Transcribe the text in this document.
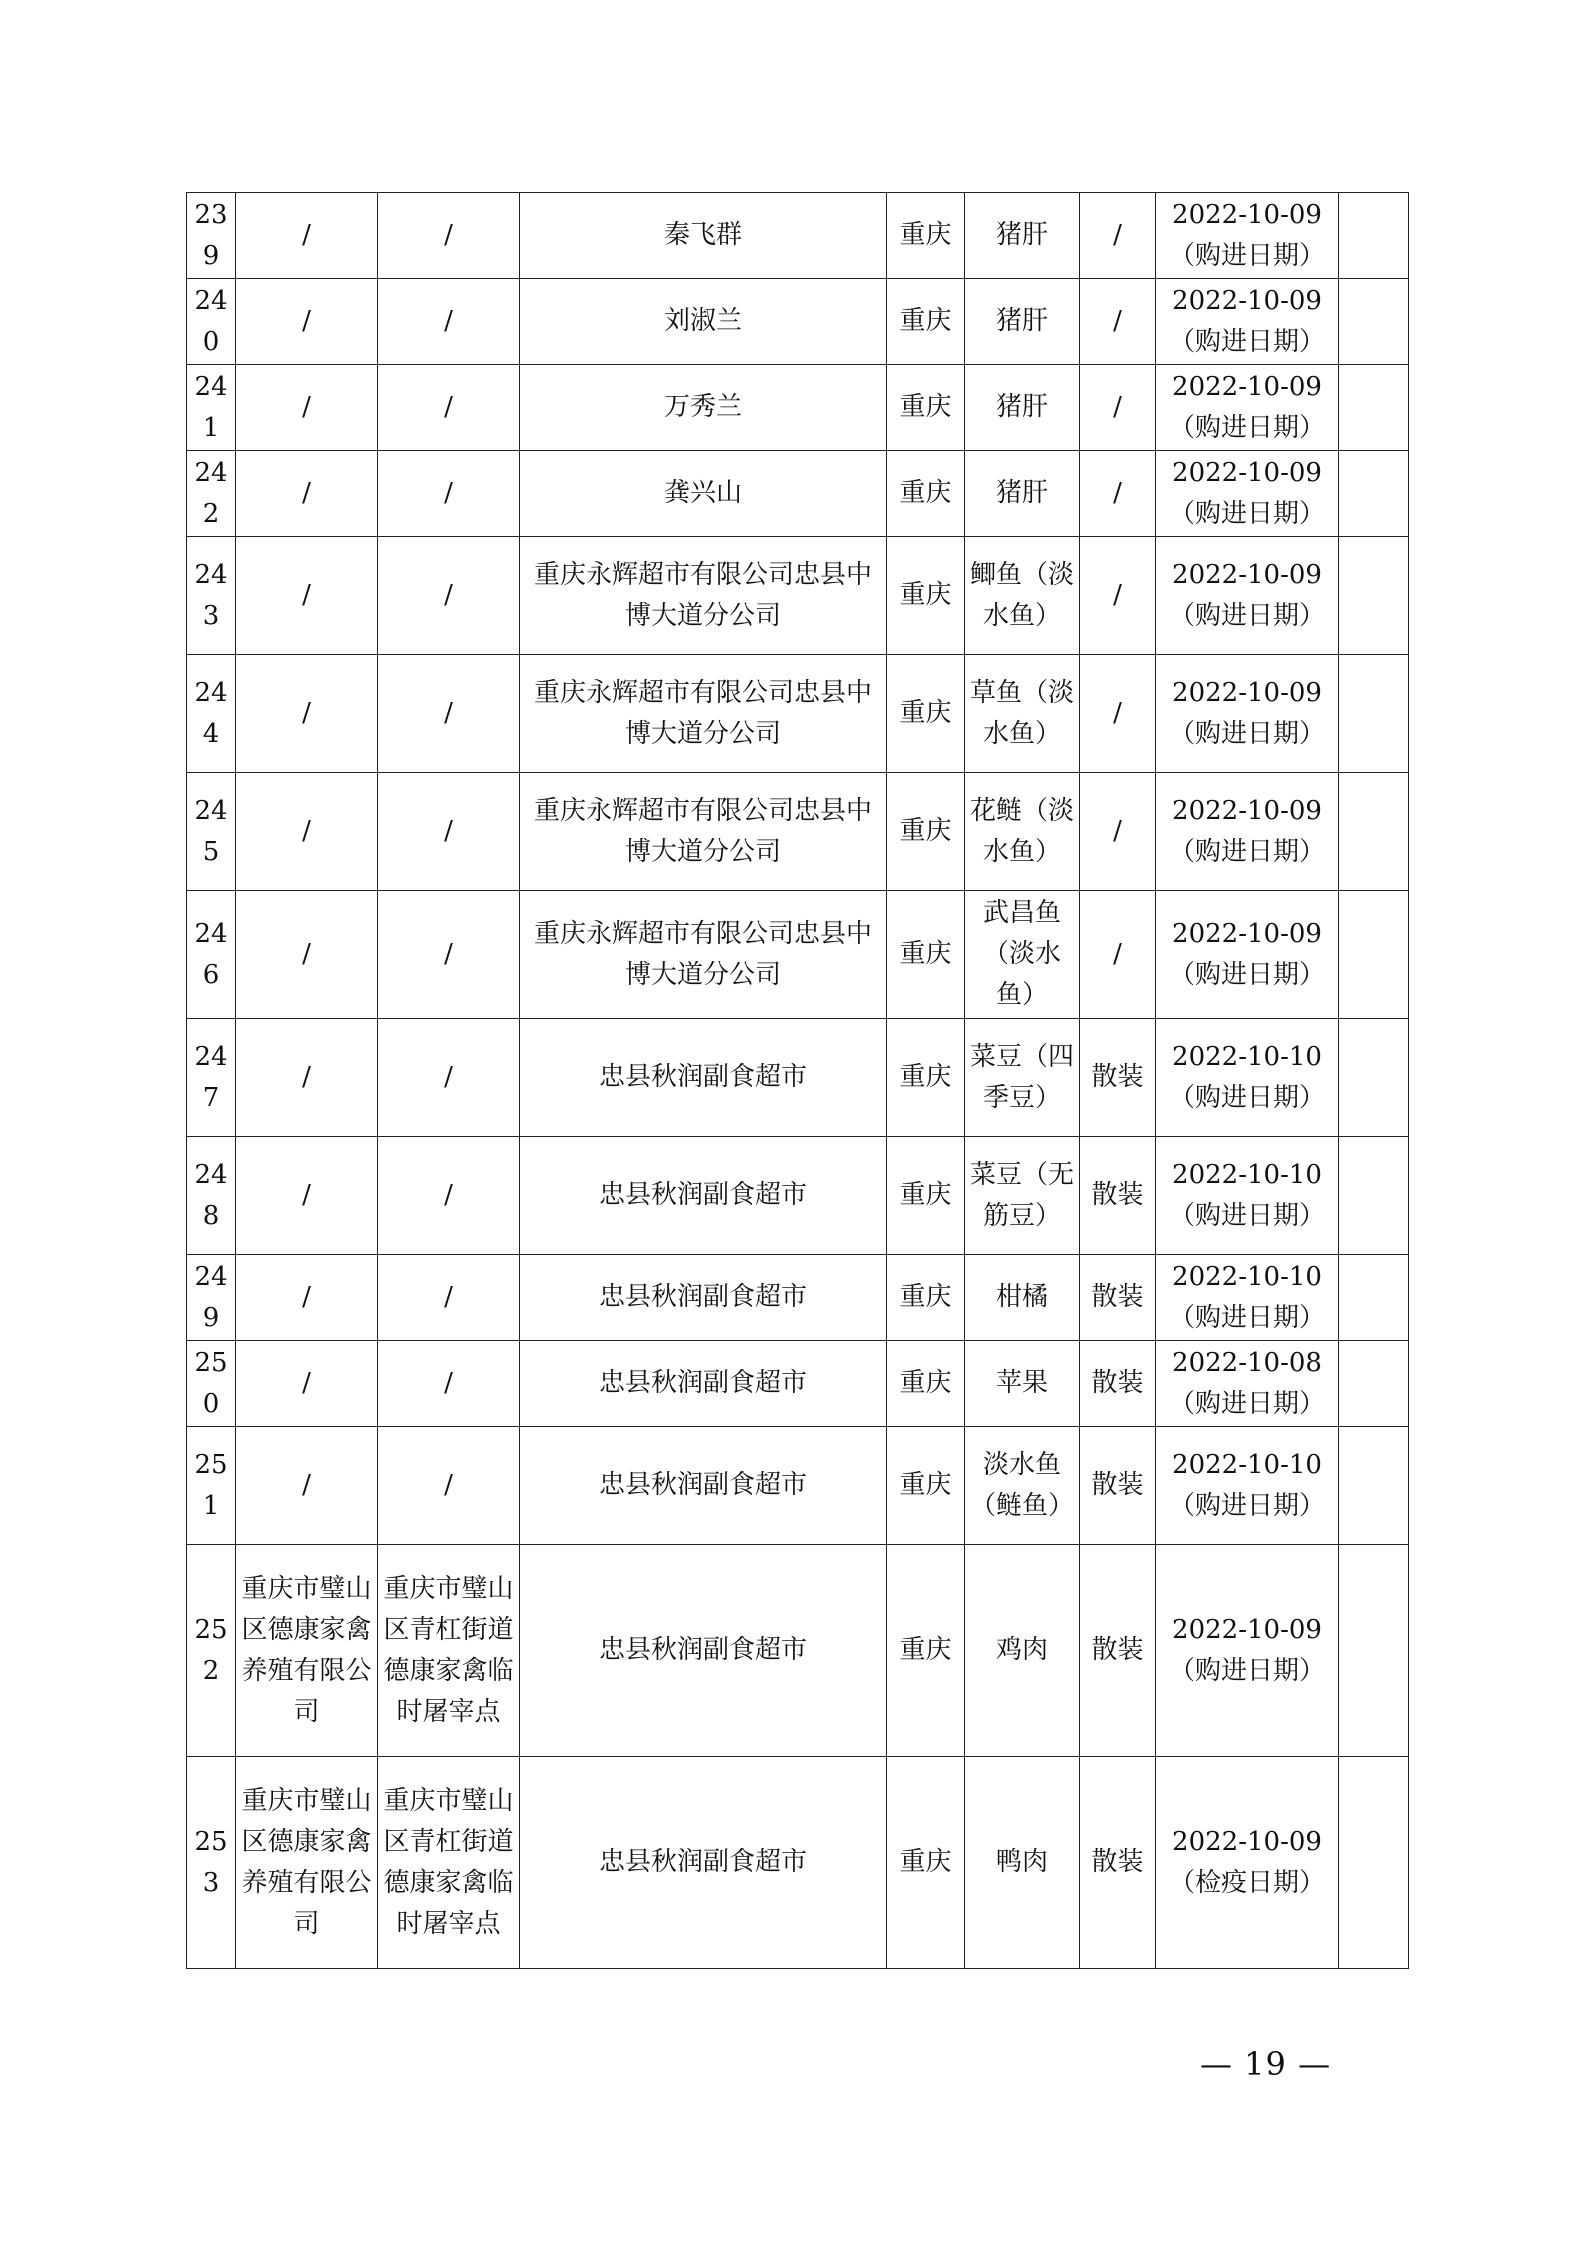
239	/	/	秦飞群	重庆	猪肝	/	2022-10-09
（购进日期）	

240	/	/	刘淑兰	重庆	猪肝	/	2022-10-09
（购进日期）	

241	/	/	万秀兰	重庆	猪肝	/	2022-10-09
（购进日期）	

242	/	/	龚兴山	重庆	猪肝	/	2022-10-09
（购进日期）	

243	/	/	重庆永辉超市有限公司忠县中博大道分公司	重庆	鲫鱼（淡水鱼）	/	2022-10-09
（购进日期）	

244	/	/	重庆永辉超市有限公司忠县中博大道分公司	重庆	草鱼（淡水鱼）	/	2022-10-09
（购进日期）	

245	/	/	重庆永辉超市有限公司忠县中博大道分公司	重庆	花鲢（淡水鱼）	/	2022-10-09
（购进日期）	

246	/	/	重庆永辉超市有限公司忠县中博大道分公司	重庆	武昌鱼（淡水鱼）	/	2022-10-09
（购进日期）	

247	/	/	忠县秋润副食超市	重庆	菜豆（四季豆）	散装	2022-10-10
（购进日期）	

248	/	/	忠县秋润副食超市	重庆	菜豆（无筋豆）	散装	2022-10-10
（购进日期）	

249	/	/	忠县秋润副食超市	重庆	柑橘	散装	2022-10-10
（购进日期）	

250	/	/	忠县秋润副食超市	重庆	苹果	散装	2022-10-08
（购进日期）	

251	/	/	忠县秋润副食超市	重庆	淡水鱼（鲢鱼）	散装	2022-10-10
（购进日期）	

252	重庆市璧山区德康家禽养殖有限公司	重庆市璧山区青杠街道德康家禽临时屠宰点	忠县秋润副食超市	重庆	鸡肉	散装	2022-10-09
（购进日期）	

253	重庆市璧山区德康家禽养殖有限公司	重庆市璧山区青杠街道德康家禽临时屠宰点	忠县秋润副食超市	重庆	鸭肉	散装	2022-10-09
（检疫日期）	

— 19 —
